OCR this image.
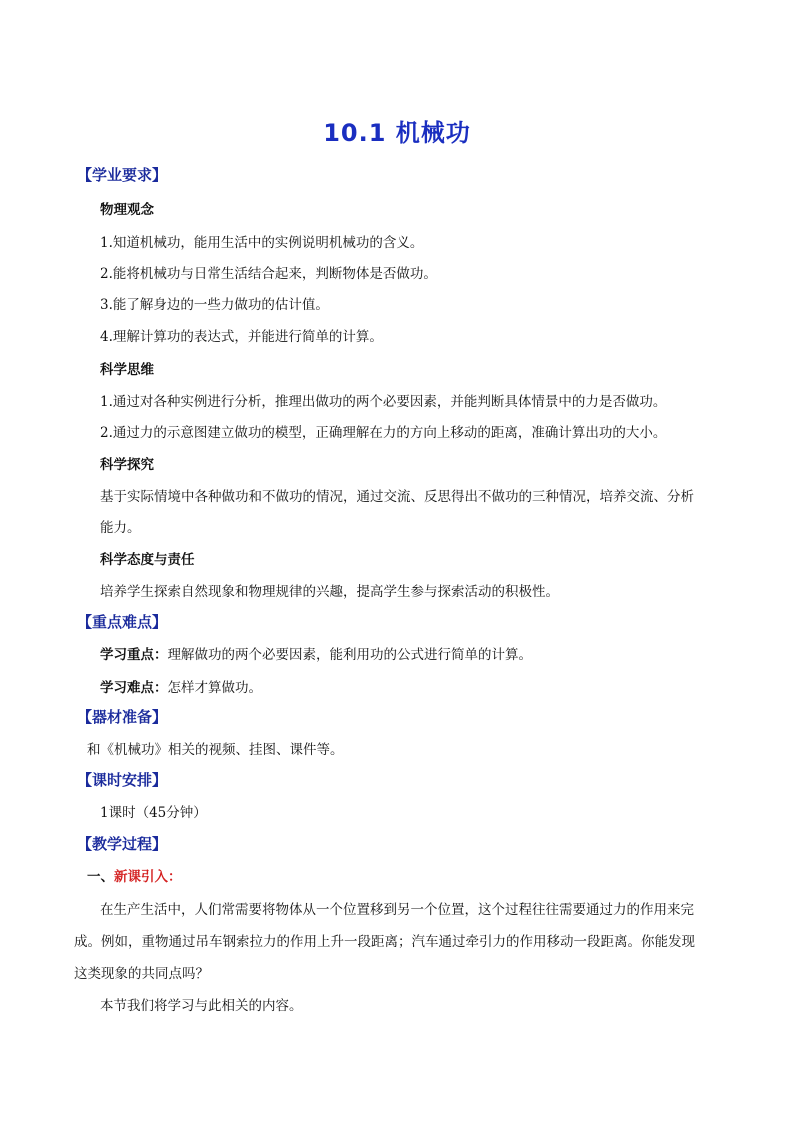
10.1 机械功
【学业要求】
物理观念
1.知道机械功，能用生活中的实例说明机械功的含义。
2.能将机械功与日常生活结合起来，判断物体是否做功。
3.能了解身边的一些力做功的估计值。
4.理解计算功的表达式，并能进行简单的计算。
科学思维
1.通过对各种实例进行分析，推理出做功的两个必要因素，并能判断具体情景中的力是否做功。
2.通过力的示意图建立做功的模型，正确理解在力的方向上移动的距离，准确计算出功的大小。
科学探究
基于实际情境中各种做功和不做功的情况，通过交流、反思得出不做功的三种情况，培养交流、分析
能力。
科学态度与责任
培养学生探索自然现象和物理规律的兴趣，提高学生参与探索活动的积极性。
【重点难点】
学习重点：理解做功的两个必要因素，能利用功的公式进行简单的计算。
学习难点：怎样才算做功。
【器材准备】
和《机械功》相关的视频、挂图、课件等。
【课时安排】
1课时（45分钟）
【教学过程】
一、新课引入：
在生产生活中，人们常需要将物体从一个位置移到另一个位置，这个过程往往需要通过力的作用来完
成。例如，重物通过吊车钢索拉力的作用上升一段距离；汽车通过牵引力的作用移动一段距离。你能发现
这类现象的共同点吗？
本节我们将学习与此相关的内容。
